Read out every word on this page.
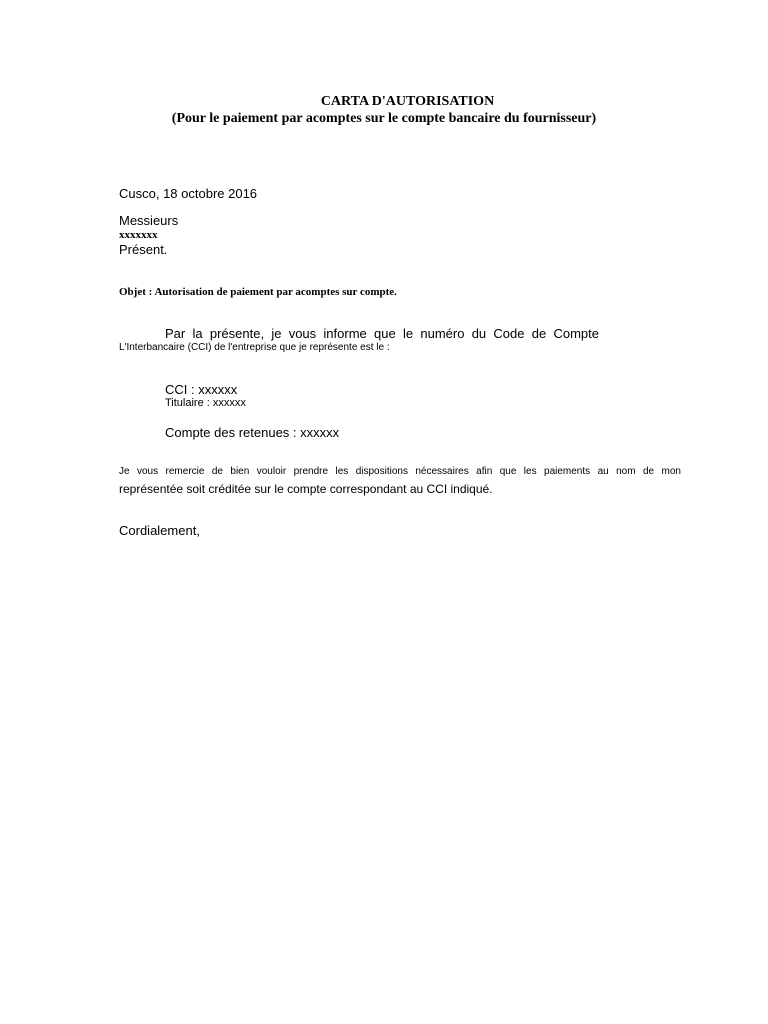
CARTA D'AUTORISATION
(Pour le paiement par acomptes sur le compte bancaire du fournisseur)
Cusco, 18 octobre 2016
Messieurs
xxxxxxx
Présent.
Objet : Autorisation de paiement par acomptes sur compte.
Par la présente, je vous informe que le numéro du Code de Compte
L'Interbancaire (CCI) de l'entreprise que je représente est le :
CCI : xxxxxx
Titulaire : xxxxxx
Compte des retenues : xxxxxx
Je vous remercie de bien vouloir prendre les dispositions nécessaires afin que les paiements au nom de mon
représentée soit créditée sur le compte correspondant au CCI indiqué.
Cordialement,
